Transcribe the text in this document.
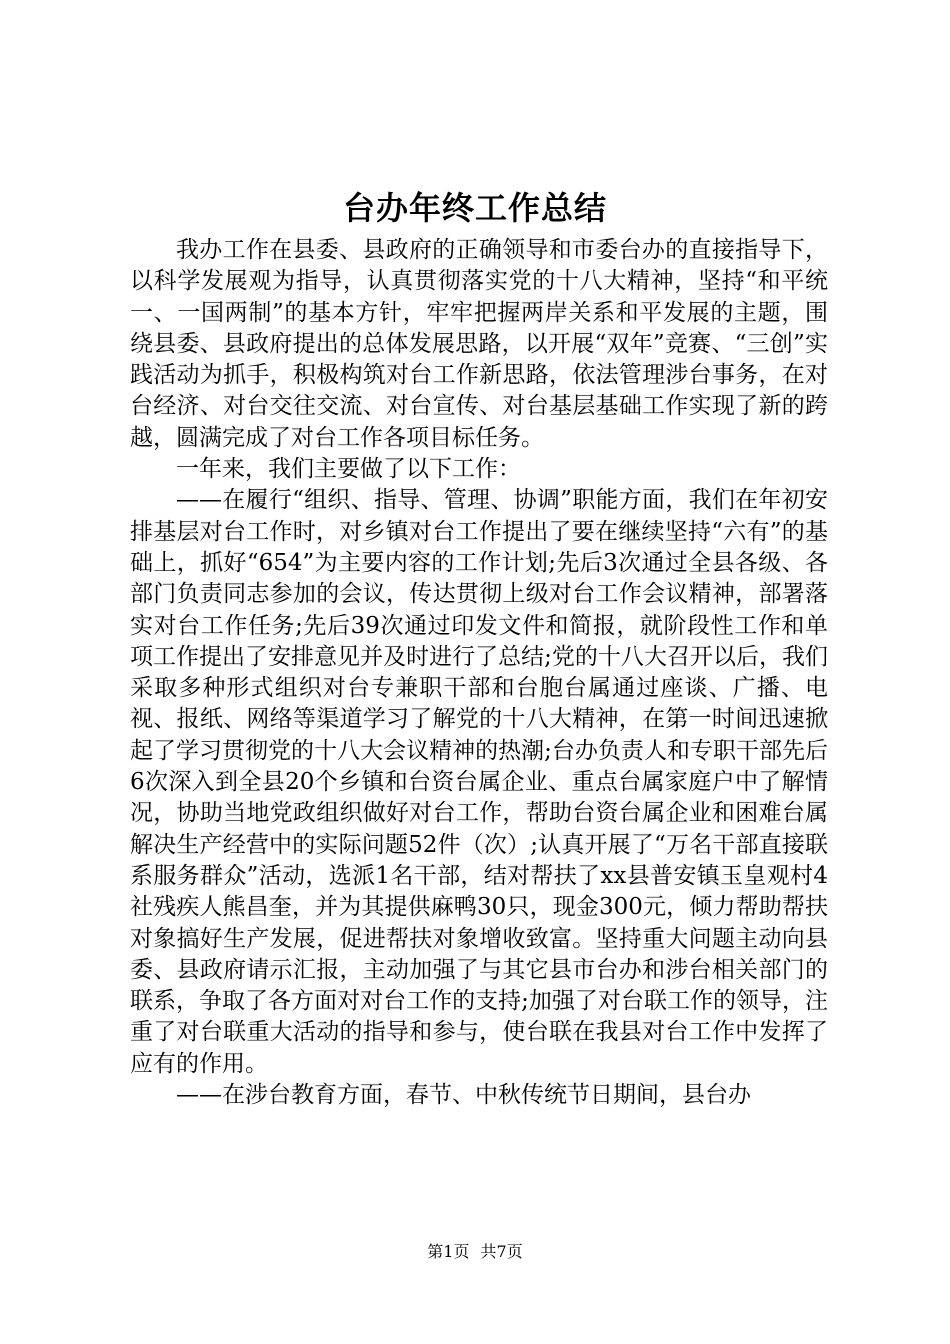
台办年终工作总结

我办工作在县委、县政府的正确领导和市委台办的直接指导下，以科学发展观为指导，认真贯彻落实党的十八大精神，坚持“和平统一、一国两制”的基本方针，牢牢把握两岸关系和平发展的主题，围绕县委、县政府提出的总体发展思路，以开展“双年”竞赛、“三创”实践活动为抓手，积极构筑对台工作新思路，依法管理涉台事务，在对台经济、对台交往交流、对台宣传、对台基层基础工作实现了新的跨越，圆满完成了对台工作各项目标任务。

一年来，我们主要做了以下工作：

——在履行“组织、指导、管理、协调”职能方面，我们在年初安排基层对台工作时，对乡镇对台工作提出了要在继续坚持“六有”的基础上，抓好“654”为主要内容的工作计划;先后3次通过全县各级、各部门负责同志参加的会议，传达贯彻上级对台工作会议精神，部署落实对台工作任务;先后39次通过印发文件和简报，就阶段性工作和单项工作提出了安排意见并及时进行了总结;党的十八大召开以后，我们采取多种形式组织对台专兼职干部和台胞台属通过座谈、广播、电视、报纸、网络等渠道学习了解党的十八大精神，在第一时间迅速掀起了学习贯彻党的十八大会议精神的热潮;台办负责人和专职干部先后6次深入到全县20个乡镇和台资台属企业、重点台属家庭户中了解情况，协助当地党政组织做好对台工作，帮助台资台属企业和困难台属解决生产经营中的实际问题52件（次）;认真开展了“万名干部直接联系服务群众”活动，选派1名干部，结对帮扶了xx县普安镇玉皇观村4社残疾人熊昌奎，并为其提供麻鸭30只，现金300元，倾力帮助帮扶对象搞好生产发展，促进帮扶对象增收致富。坚持重大问题主动向县委、县政府请示汇报，主动加强了与其它县市台办和涉台相关部门的联系，争取了各方面对对台工作的支持;加强了对台联工作的领导，注重了对台联重大活动的指导和参与，使台联在我县对台工作中发挥了应有的作用。

——在涉台教育方面，春节、中秋传统节日期间，县台办

第1页 共7页
